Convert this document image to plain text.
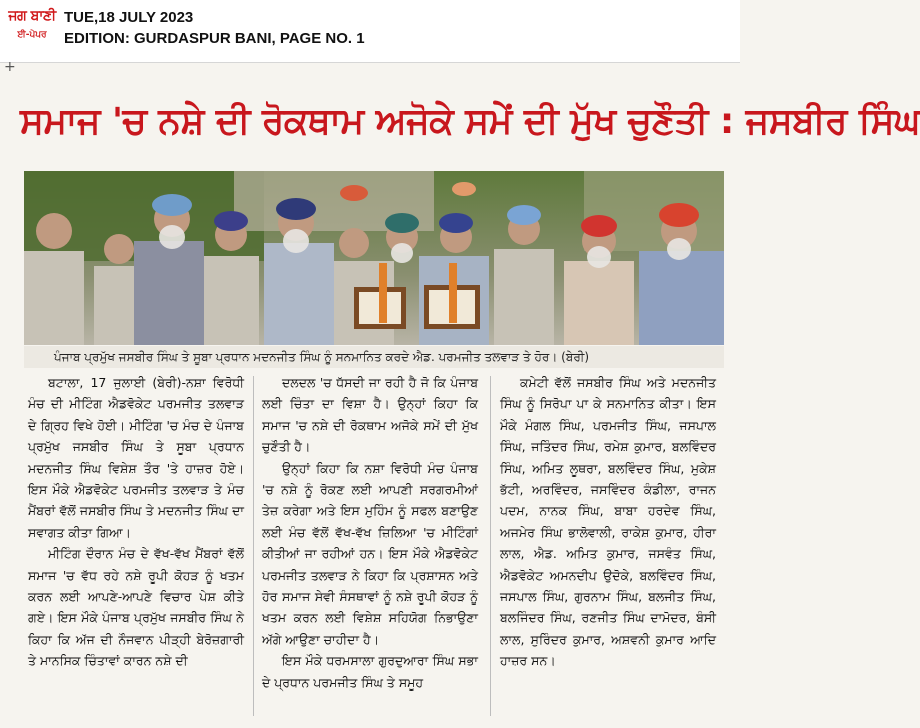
ਜਗ ਬਾਣੀ
ਈ-ਪੇਪਰ
TUE,18 JULY 2023
EDITION: GURDASPUR BANI, PAGE NO. 1
+
ਸਮਾਜ 'ਚ ਨਸ਼ੇ ਦੀ ਰੋਕਥਾਮ ਅਜੋਕੇ ਸਮੇਂ ਦੀ ਮੁੱਖ ਚੁਣੌਤੀ : ਜਸਬੀਰ ਸਿੰਘ
ਪੰਜਾਬ ਪ੍ਰਮੁੱਖ ਜਸਬੀਰ ਸਿੰਘ ਤੇ ਸੂਬਾ ਪ੍ਰਧਾਨ ਮਦਨਜੀਤ ਸਿੰਘ ਨੂੰ ਸਨਮਾਨਿਤ ਕਰਦੇ ਐਡ. ਪਰਮਜੀਤ ਤਲਵਾੜ ਤੇ ਹੋਰ। (ਬੇਰੀ)

ਬਟਾਲਾ, 17 ਜੁਲਾਈ (ਬੇਰੀ)-ਨਸ਼ਾ ਵਿਰੋਧੀ ਮੰਚ ਦੀ ਮੀਟਿੰਗ ਐਡਵੋਕੇਟ ਪਰਮਜੀਤ ਤਲਵਾੜ ਦੇ ਗ੍ਰਿਹ ਵਿਖੇ ਹੋਈ। ਮੀਟਿੰਗ 'ਚ ਮੰਚ ਦੇ ਪੰਜਾਬ ਪ੍ਰਮੁੱਖ ਜਸਬੀਰ ਸਿੰਘ ਤੇ ਸੂਬਾ ਪ੍ਰਧਾਨ ਮਦਨਜੀਤ ਸਿੰਘ ਵਿਸ਼ੇਸ਼ ਤੌਰ 'ਤੇ ਹਾਜ਼ਰ ਹੋਏ। ਇਸ ਮੌਕੇ ਐਡਵੋਕੇਟ ਪਰਮਜੀਤ ਤਲਵਾੜ ਤੇ ਮੰਚ ਮੈਂਬਰਾਂ ਵੱਲੋਂ ਜਸਬੀਰ ਸਿੰਘ ਤੇ ਮਦਨਜੀਤ ਸਿੰਘ ਦਾ ਸਵਾਗਤ ਕੀਤਾ ਗਿਆ।

ਮੀਟਿੰਗ ਦੌਰਾਨ ਮੰਚ ਦੇ ਵੱਖ-ਵੱਖ ਮੈਂਬਰਾਂ ਵੱਲੋਂ ਸਮਾਜ 'ਚ ਵੱਧ ਰਹੇ ਨਸ਼ੇ ਰੂਪੀ ਕੋਹੜ ਨੂੰ ਖਤਮ ਕਰਨ ਲਈ ਆਪਣੇ-ਆਪਣੇ ਵਿਚਾਰ ਪੇਸ਼ ਕੀਤੇ ਗਏ। ਇਸ ਮੌਕੇ ਪੰਜਾਬ ਪ੍ਰਮੁੱਖ ਜਸਬੀਰ ਸਿੰਘ ਨੇ ਕਿਹਾ ਕਿ ਅੱਜ ਦੀ ਨੌਜਵਾਨ ਪੀੜ੍ਹੀ ਬੇਰੋਜ਼ਗਾਰੀ ਤੇ ਮਾਨਸਿਕ ਚਿੰਤਾਵਾਂ ਕਾਰਨ ਨਸ਼ੇ ਦੀ

ਦਲਦਲ 'ਚ ਧੱਸਦੀ ਜਾ ਰਹੀ ਹੈ ਜੋ ਕਿ ਪੰਜਾਬ ਲਈ ਚਿੰਤਾ ਦਾ ਵਿਸ਼ਾ ਹੈ। ਉਨ੍ਹਾਂ ਕਿਹਾ ਕਿ ਸਮਾਜ 'ਚ ਨਸ਼ੇ ਦੀ ਰੋਕਥਾਮ ਅਜੋਕੇ ਸਮੇਂ ਦੀ ਮੁੱਖ ਚੁਣੌਤੀ ਹੈ।

ਉਨ੍ਹਾਂ ਕਿਹਾ ਕਿ ਨਸ਼ਾ ਵਿਰੋਧੀ ਮੰਚ ਪੰਜਾਬ 'ਚ ਨਸ਼ੇ ਨੂੰ ਰੋਕਣ ਲਈ ਆਪਣੀ ਸਰਗਰਮੀਆਂ ਤੇਜ਼ ਕਰੇਗਾ ਅਤੇ ਇਸ ਮੁਹਿੰਮ ਨੂੰ ਸਫਲ ਬਣਾਉਣ ਲਈ ਮੰਚ ਵੱਲੋਂ ਵੱਖ-ਵੱਖ ਜ਼ਿਲਿਆ 'ਚ ਮੀਟਿੰਗਾਂ ਕੀਤੀਆਂ ਜਾ ਰਹੀਆਂ ਹਨ। ਇਸ ਮੌਕੇ ਐਡਵੋਕੇਟ ਪਰਮਜੀਤ ਤਲਵਾੜ ਨੇ ਕਿਹਾ ਕਿ ਪ੍ਰਸ਼ਾਸਨ ਅਤੇ ਹੋਰ ਸਮਾਜ ਸੇਵੀ ਸੰਸਥਾਵਾਂ ਨੂੰ ਨਸ਼ੇ ਰੂਪੀ ਕੋਹੜ ਨੂੰ ਖਤਮ ਕਰਨ ਲਈ ਵਿਸ਼ੇਸ਼ ਸਹਿਯੋਗ ਨਿਭਾਉਣਾ ਅੱਗੇ ਆਉਣਾ ਚਾਹੀਦਾ ਹੈ।

ਇਸ ਮੌਕੇ ਧਰਮਸਾਲਾ ਗੁਰਦੁਆਰਾ ਸਿੰਘ ਸਭਾ ਦੇ ਪ੍ਰਧਾਨ ਪਰਮਜੀਤ ਸਿੰਘ ਤੇ ਸਮੂਹ

ਕਮੇਟੀ ਵੱਲੋਂ ਜਸਬੀਰ ਸਿੰਘ ਅਤੇ ਮਦਨਜੀਤ ਸਿੰਘ ਨੂੰ ਸਿਰੋਪਾ ਪਾ ਕੇ ਸਨਮਾਨਿਤ ਕੀਤਾ। ਇਸ ਮੌਕੇ ਮੰਗਲ ਸਿੰਘ, ਪਰਮਜੀਤ ਸਿੰਘ, ਜਸਪਾਲ ਸਿੰਘ, ਜਤਿੰਦਰ ਸਿੰਘ, ਰਮੇਸ਼ ਕੁਮਾਰ, ਬਲਵਿੰਦਰ ਸਿੰਘ, ਅਮਿਤ ਲੂਥਰਾ, ਬਲਵਿੰਦਰ ਸਿੰਘ, ਮੁਕੇਸ਼ ਭੱਟੀ, ਅਰਵਿੰਦਰ, ਜਸਵਿੰਦਰ ਕੰਡੀਲਾ, ਰਾਜਨ ਪਦਮ, ਨਾਨਕ ਸਿੰਘ, ਬਾਬਾ ਹਰਦੇਵ ਸਿੰਘ, ਅਜਮੇਰ ਸਿੰਘ ਭਾਲੋਵਾਲੀ, ਰਾਕੇਸ਼ ਕੁਮਾਰ, ਹੀਰਾ ਲਾਲ, ਐਡ. ਅਮਿਤ ਕੁਮਾਰ, ਜਸਵੰਤ ਸਿੰਘ, ਐਡਵੋਕੇਟ ਅਮਨਦੀਪ ਉਦੋਕੇ, ਬਲਵਿੰਦਰ ਸਿੰਘ, ਜਸਪਾਲ ਸਿੰਘ, ਗੁਰਨਾਮ ਸਿੰਘ, ਬਲਜੀਤ ਸਿੰਘ, ਬਲਜਿੰਦਰ ਸਿੰਘ, ਰਣਜੀਤ ਸਿੰਘ ਦਾਮੋਦਰ, ਬੰਸੀ ਲਾਲ, ਸੁਰਿੰਦਰ ਕੁਮਾਰ, ਅਸ਼ਵਨੀ ਕੁਮਾਰ ਆਦਿ ਹਾਜ਼ਰ ਸਨ।
